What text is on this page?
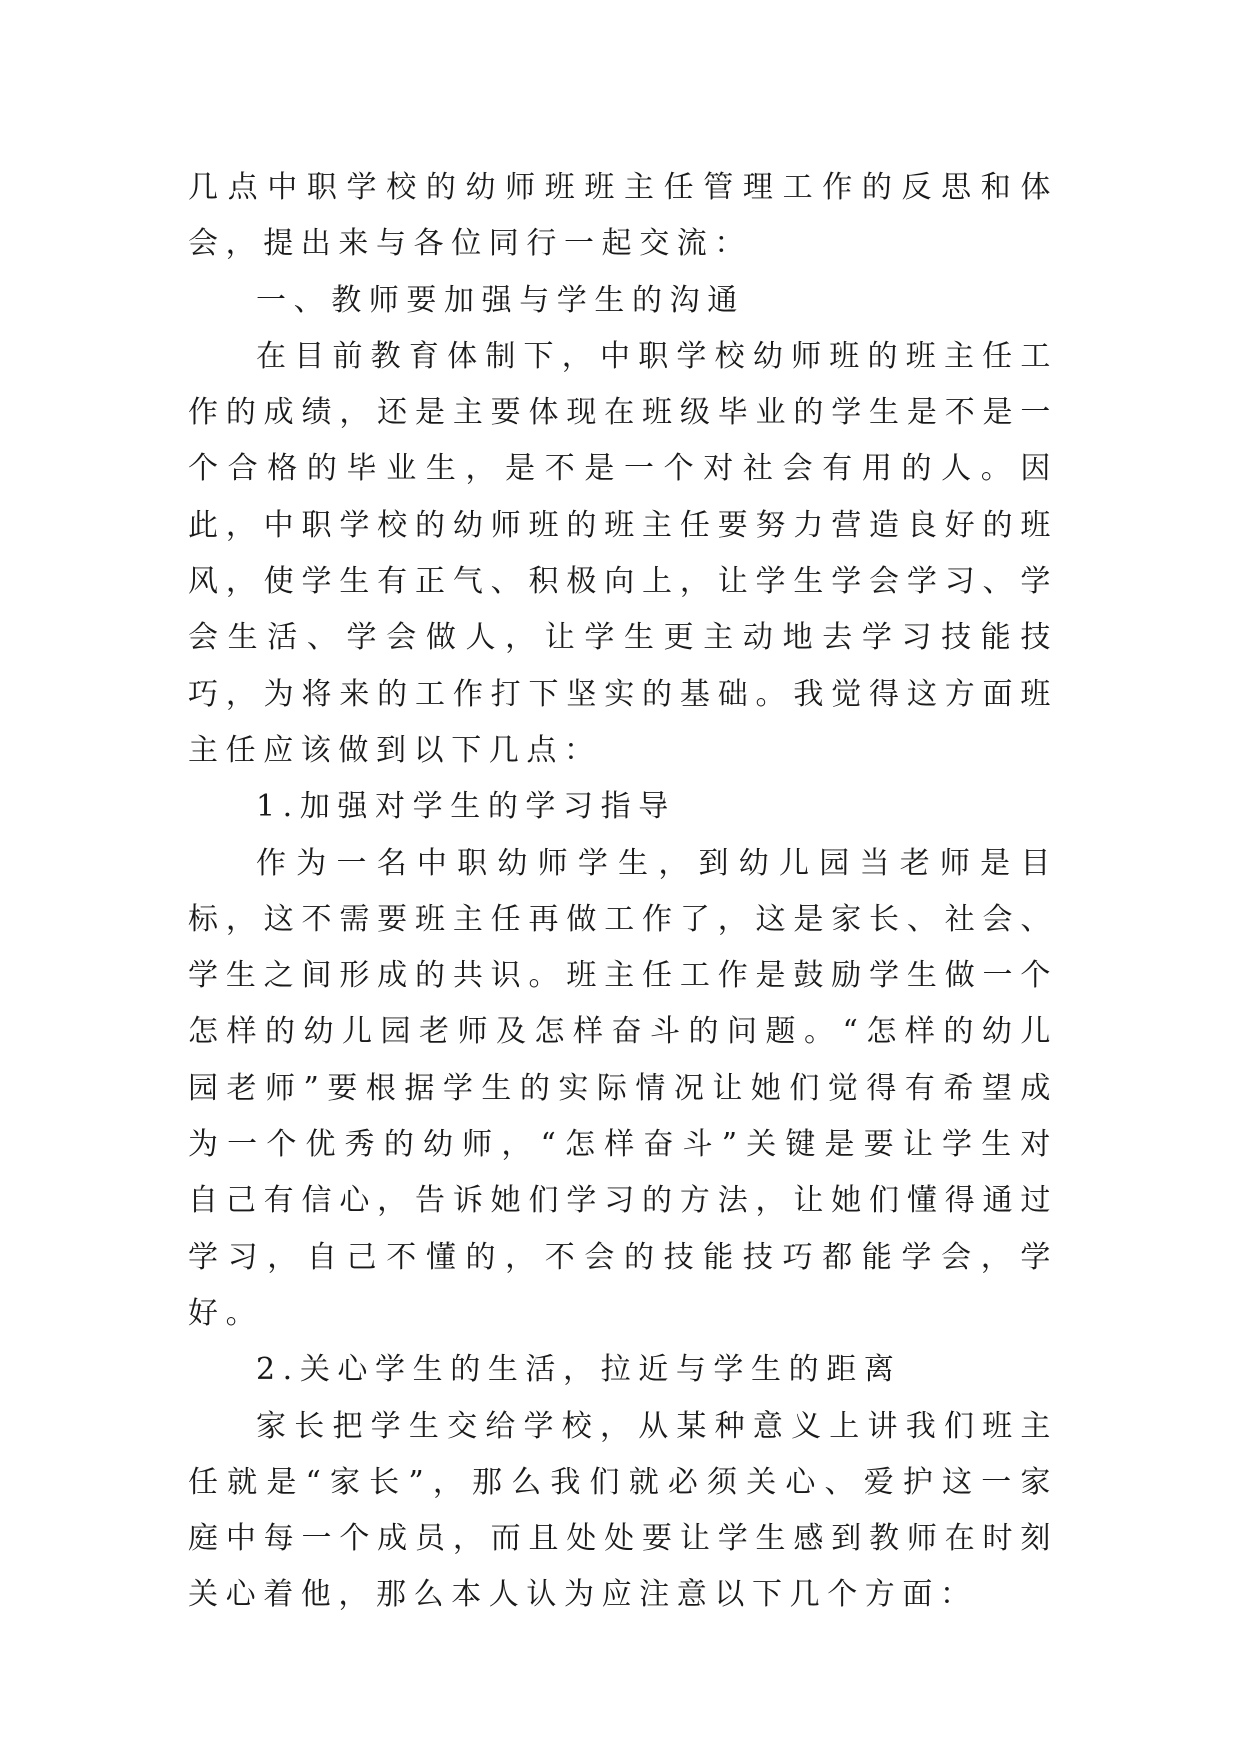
几点中职学校的幼师班班主任管理工作的反思和体会，提出来与各位同行一起交流：

一、教师要加强与学生的沟通

在目前教育体制下，中职学校幼师班的班主任工作的成绩，还是主要体现在班级毕业的学生是不是一个合格的毕业生，是不是一个对社会有用的人。因此，中职学校的幼师班的班主任要努力营造良好的班风，使学生有正气、积极向上，让学生学会学习、学会生活、学会做人，让学生更主动地去学习技能技巧，为将来的工作打下坚实的基础。我觉得这方面班主任应该做到以下几点：

1.加强对学生的学习指导

作为一名中职幼师学生，到幼儿园当老师是目标，这不需要班主任再做工作了，这是家长、社会、学生之间形成的共识。班主任工作是鼓励学生做一个怎样的幼儿园老师及怎样奋斗的问题。“怎样的幼儿园老师”要根据学生的实际情况让她们觉得有希望成为一个优秀的幼师，“怎样奋斗”关键是要让学生对自己有信心，告诉她们学习的方法，让她们懂得通过学习，自己不懂的，不会的技能技巧都能学会，学好。

2.关心学生的生活，拉近与学生的距离

家长把学生交给学校，从某种意义上讲我们班主任就是“家长”，那么我们就必须关心、爱护这一家庭中每一个成员，而且处处要让学生感到教师在时刻关心着他，那么本人认为应注意以下几个方面：
